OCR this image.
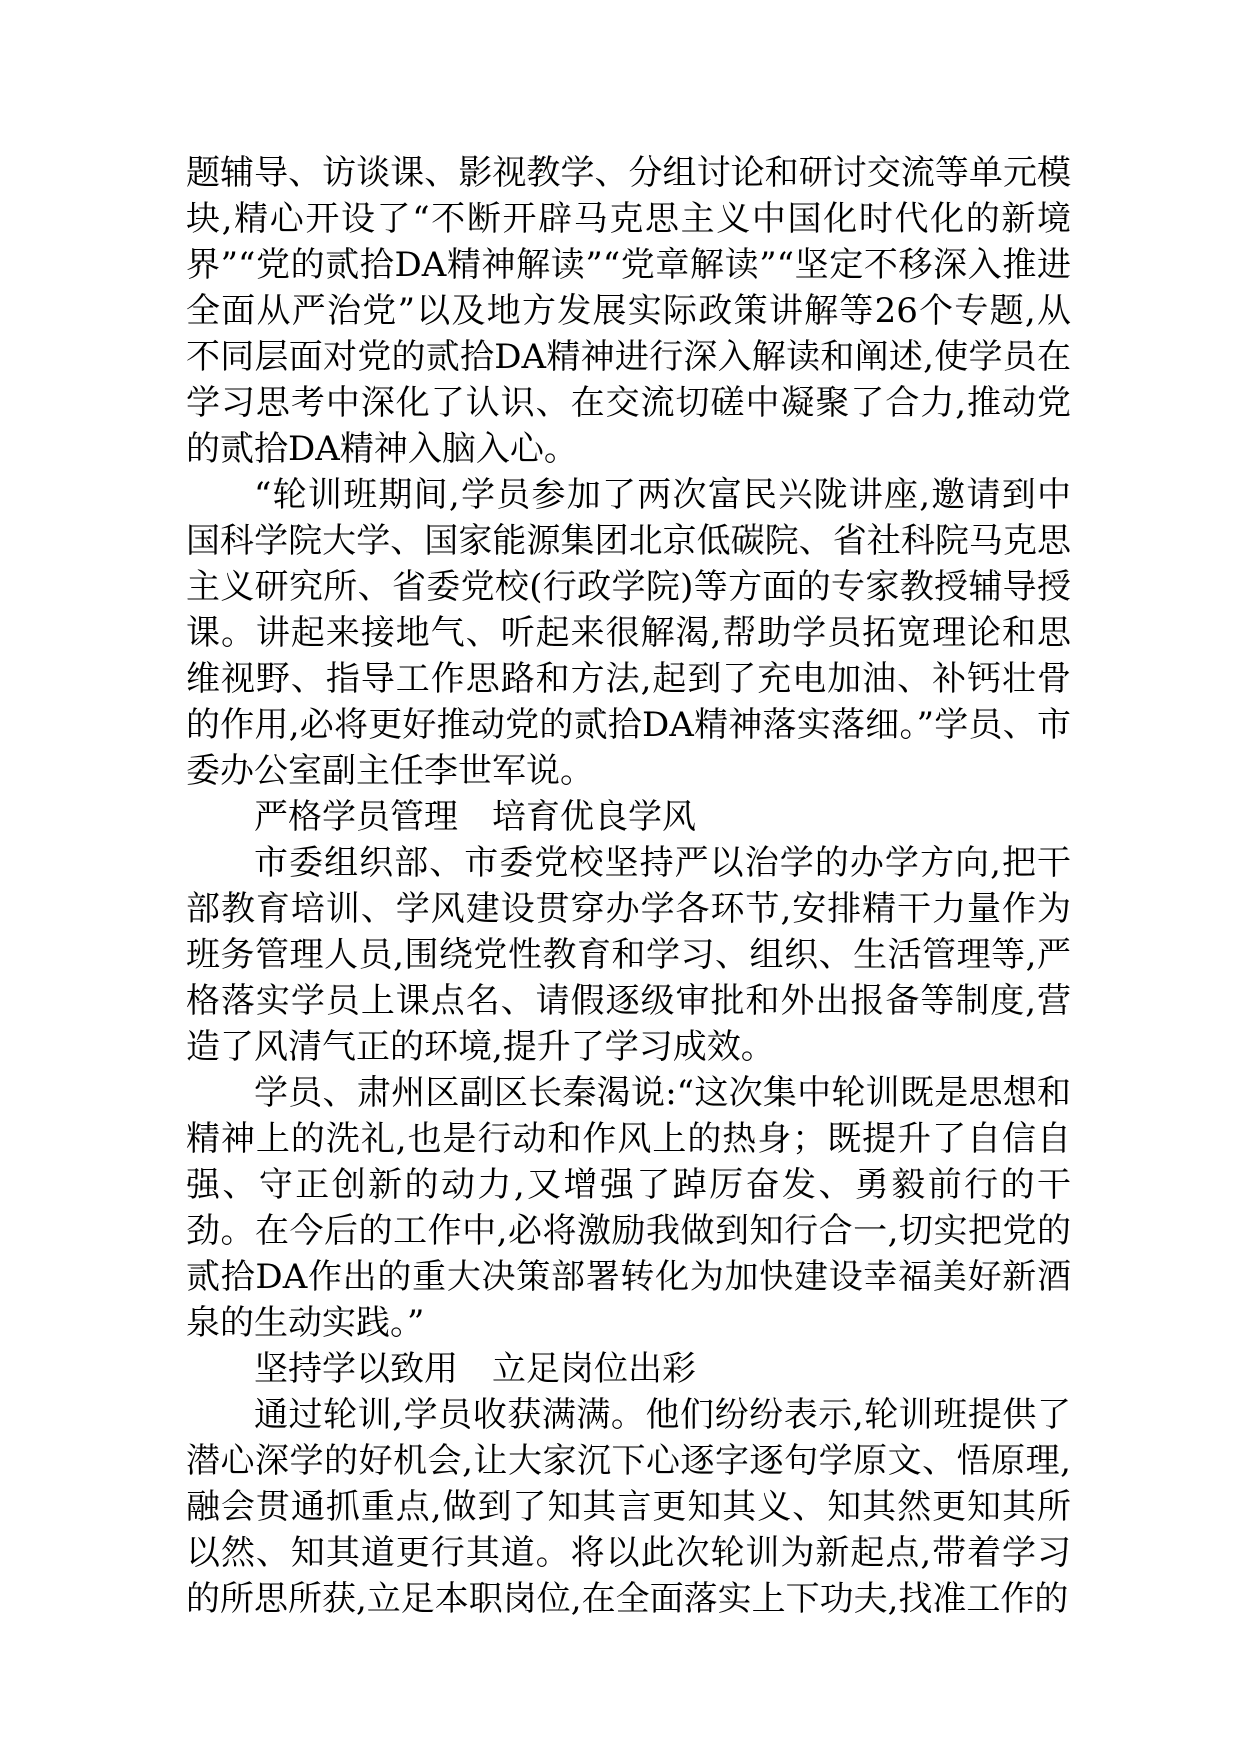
题辅导、访谈课、影视教学、分组讨论和研讨交流等单元模块,精心开设了“不断开辟马克思主义中国化时代化的新境界”“党的贰拾DA精神解读”“党章解读”“坚定不移深入推进全面从严治党”以及地方发展实际政策讲解等26个专题,从不同层面对党的贰拾DA精神进行深入解读和阐述,使学员在学习思考中深化了认识、在交流切磋中凝聚了合力,推动党的贰拾DA精神入脑入心。

“轮训班期间,学员参加了两次富民兴陇讲座,邀请到中国科学院大学、国家能源集团北京低碳院、省社科院马克思主义研究所、省委党校(行政学院)等方面的专家教授辅导授课。讲起来接地气、听起来很解渴,帮助学员拓宽理论和思维视野、指导工作思路和方法,起到了充电加油、补钙壮骨的作用,必将更好推动党的贰拾DA精神落实落细。”学员、市委办公室副主任李世军说。

严格学员管理　培育优良学风

市委组织部、市委党校坚持严以治学的办学方向,把干部教育培训、学风建设贯穿办学各环节,安排精干力量作为班务管理人员,围绕党性教育和学习、组织、生活管理等,严格落实学员上课点名、请假逐级审批和外出报备等制度,营造了风清气正的环境,提升了学习成效。

学员、肃州区副区长秦渴说:“这次集中轮训既是思想和精神上的洗礼,也是行动和作风上的热身；既提升了自信自强、守正创新的动力,又增强了踔厉奋发、勇毅前行的干劲。在今后的工作中,必将激励我做到知行合一,切实把党的贰拾DA作出的重大决策部署转化为加快建设幸福美好新酒泉的生动实践。”

坚持学以致用　立足岗位出彩

通过轮训,学员收获满满。他们纷纷表示,轮训班提供了潜心深学的好机会,让大家沉下心逐字逐句学原文、悟原理,融会贯通抓重点,做到了知其言更知其义、知其然更知其所以然、知其道更行其道。将以此次轮训为新起点,带着学习的所思所获,立足本职岗位,在全面落实上下功夫,找准工作的
